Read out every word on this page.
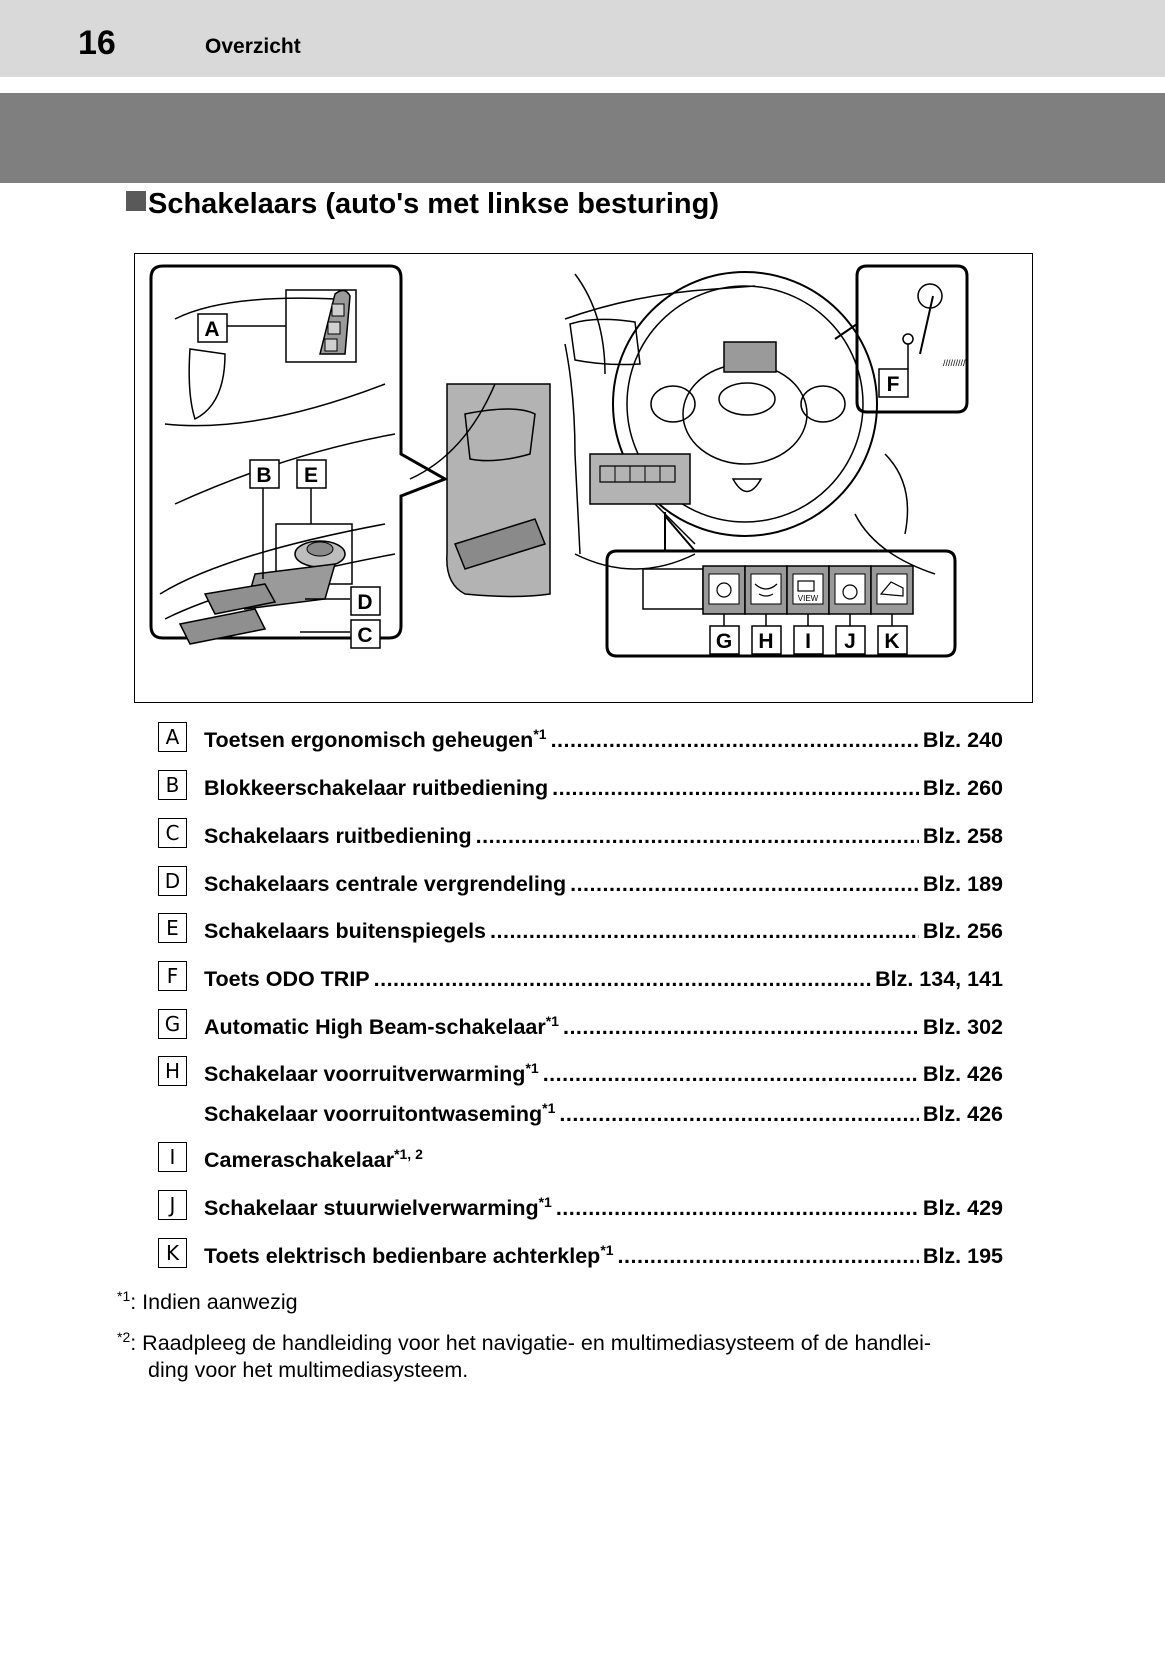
16	Overzicht
Schakelaars (auto's met linkse besturing)
VIEW
/////////
A
B E
D
C
F
G H I J K
A	Toetsen ergonomisch geheugen$^{*1}$ .....	Blz. 240
B	Blokkeerschakelaar ruitbediening .....	Blz. 260
C	Schakelaars ruitbediening .....	Blz. 258
D	Schakelaars centrale vergrendeling .....	Blz. 189
E	Schakelaars buitenspiegels .....	Blz. 256
F	Toets ODO TRIP .....	Blz. 134, 141
G	Automatic High Beam-schakelaar$^{*1}$ .....	Blz. 302
H	Schakelaar voorruitverwarming$^{*1}$ .....	Blz. 426
Schakelaar voorruitontwaseming$^{*1}$ .....	Blz. 426
I	Cameraschakelaar$^{*1, 2}$
J	Schakelaar stuurwielverwarming$^{*1}$ .....	Blz. 429
K	Toets elektrisch bedienbare achterklep$^{*1}$ .....	Blz. 195
$^{*1}$: Indien aanwezig
$^{*2}$: Raadpleeg de handleiding voor het navigatie- en multimediasysteem of de handlei-
ding voor het multimediasysteem.
